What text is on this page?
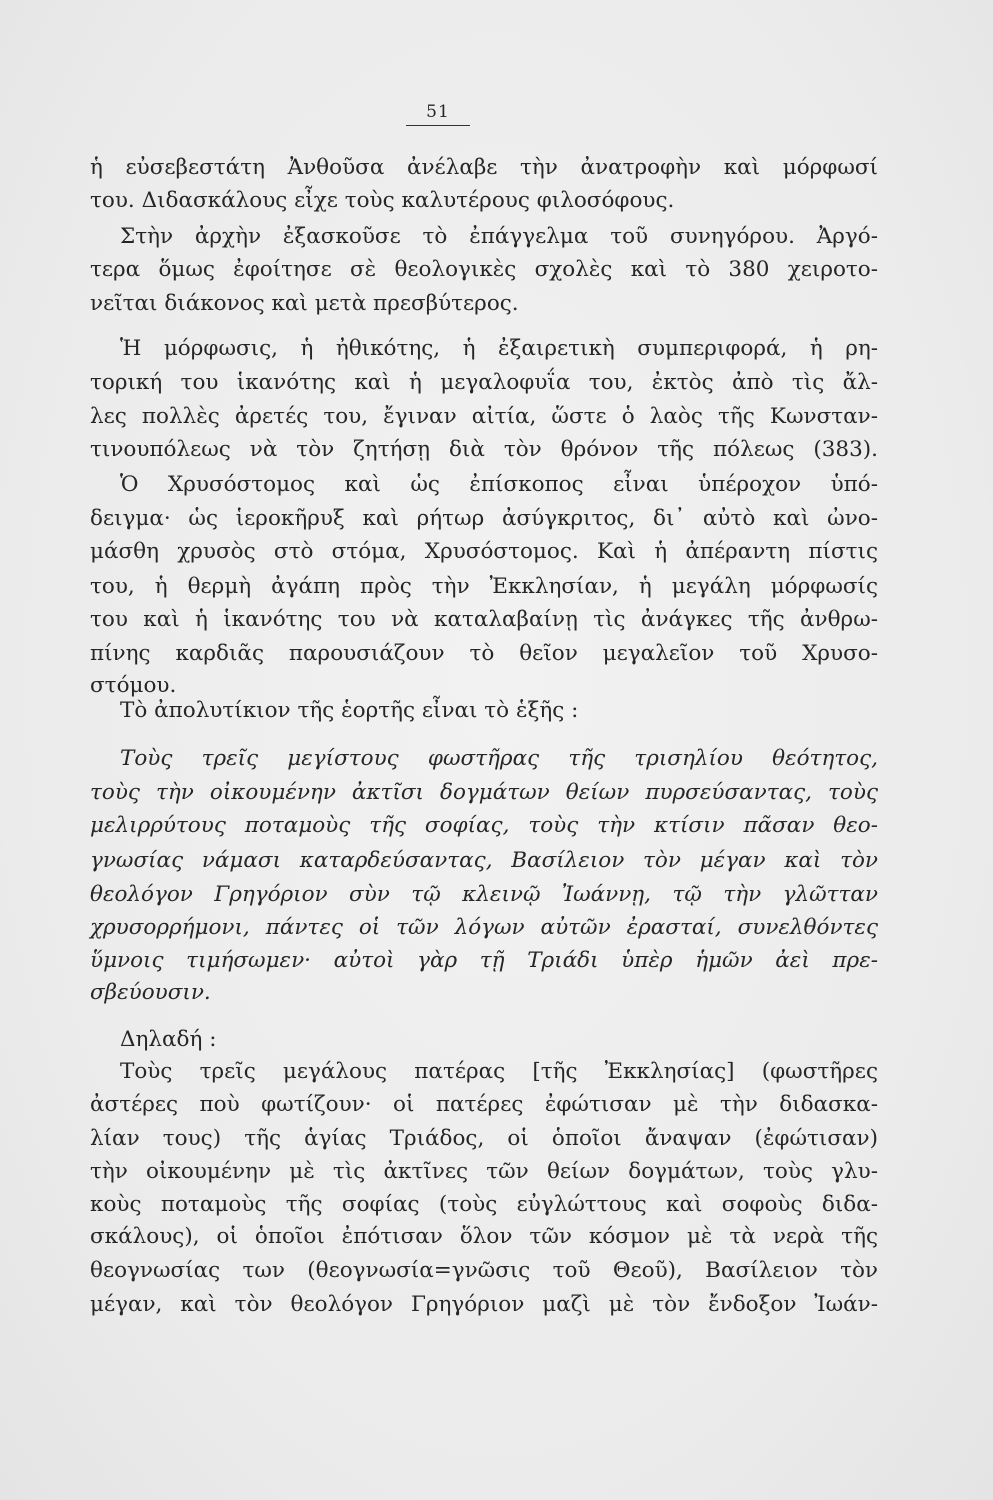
51
ἡ εὐσεβεστάτη Ἀνθοῦσα ἀνέλαβε τὴν ἀνατροφὴν καὶ μόρφωσί
του. Διδασκάλους εἶχε τοὺς καλυτέρους φιλοσόφους.
Στὴν ἀρχὴν ἐξασκοῦσε τὸ ἐπάγγελμα τοῦ συνηγόρου. Ἀργό-
τερα ὅμως ἐφοίτησε σὲ θεολογικὲς σχολὲς καὶ τὸ 380 χειροτο-
νεῖται διάκονος καὶ μετὰ πρεσβύτερος.
Ἡ μόρφωσις, ἡ ἠθικότης, ἡ ἐξαιρετικὴ συμπεριφορά, ἡ ρη-
τορική του ἱκανότης καὶ ἡ μεγαλοφυΐα του, ἐκτὸς ἀπὸ τὶς ἄλ-
λες πολλὲς ἀρετές του, ἔγιναν αἰτία, ὥστε ὁ λαὸς τῆς Κωνσταν-
τινουπόλεως νὰ τὸν ζητήσῃ διὰ τὸν θρόνον τῆς πόλεως (383).
Ὁ Χρυσόστομος καὶ ὡς ἐπίσκοπος εἶναι ὑπέροχον ὑπό-
δειγμα· ὡς ἱεροκῆρυξ καὶ ρήτωρ ἀσύγκριτος, δι᾽ αὐτὸ καὶ ὠνο-
μάσθη χρυσὸς στὸ στόμα, Χρυσόστομος. Καὶ ἡ ἀπέραντη πίστις
του, ἡ θερμὴ ἀγάπη πρὸς τὴν Ἐκκλησίαν, ἡ μεγάλη μόρφωσίς
του καὶ ἡ ἱκανότης του νὰ καταλαβαίνῃ τὶς ἀνάγκες τῆς ἀνθρω-
πίνης καρδιᾶς παρουσιάζουν τὸ θεῖον μεγαλεῖον τοῦ Χρυσο-
στόμου.
Τὸ ἀπολυτίκιον τῆς ἑορτῆς εἶναι τὸ ἑξῆς :
Τοὺς τρεῖς μεγίστους φωστῆρας τῆς τρισηλίου θεότητος,
τοὺς τὴν οἰκουμένην ἀκτῖσι δογμάτων θείων πυρσεύσαντας, τοὺς
μελιρρύτους ποταμοὺς τῆς σοφίας, τοὺς τὴν κτίσιν πᾶσαν θεο-
γνωσίας νάμασι καταρδεύσαντας, Βασίλειον τὸν μέγαν καὶ τὸν
θεολόγον Γρηγόριον σὺν τῷ κλεινῷ Ἰωάννῃ, τῷ τὴν γλῶτταν
χρυσορρήμονι, πάντες οἱ τῶν λόγων αὐτῶν ἐρασταί, συνελθόντες
ὕμνοις τιμήσωμεν· αὐτοὶ γὰρ τῇ Τριάδι ὑπὲρ ἡμῶν ἀεὶ πρε-
σβεύουσιν.
Δηλαδή :
Τοὺς τρεῖς μεγάλους πατέρας [τῆς Ἐκκλησίας] (φωστῆρες
ἀστέρες ποὺ φωτίζουν· οἱ πατέρες ἐφώτισαν μὲ τὴν διδασκα-
λίαν τους) τῆς ἁγίας Τριάδος, οἱ ὁποῖοι ἄναψαν (ἐφώτισαν)
τὴν οἰκουμένην μὲ τὶς ἀκτῖνες τῶν θείων δογμάτων, τοὺς γλυ-
κοὺς ποταμοὺς τῆς σοφίας (τοὺς εὐγλώττους καὶ σοφοὺς διδα-
σκάλους), οἱ ὁποῖοι ἐπότισαν ὅλον τῶν κόσμον μὲ τὰ νερὰ τῆς
θεογνωσίας των (θεογνωσία=γνῶσις τοῦ Θεοῦ), Βασίλειον τὸν
μέγαν, καὶ τὸν θεολόγον Γρηγόριον μαζὶ μὲ τὸν ἔνδοξον Ἰωάν-
